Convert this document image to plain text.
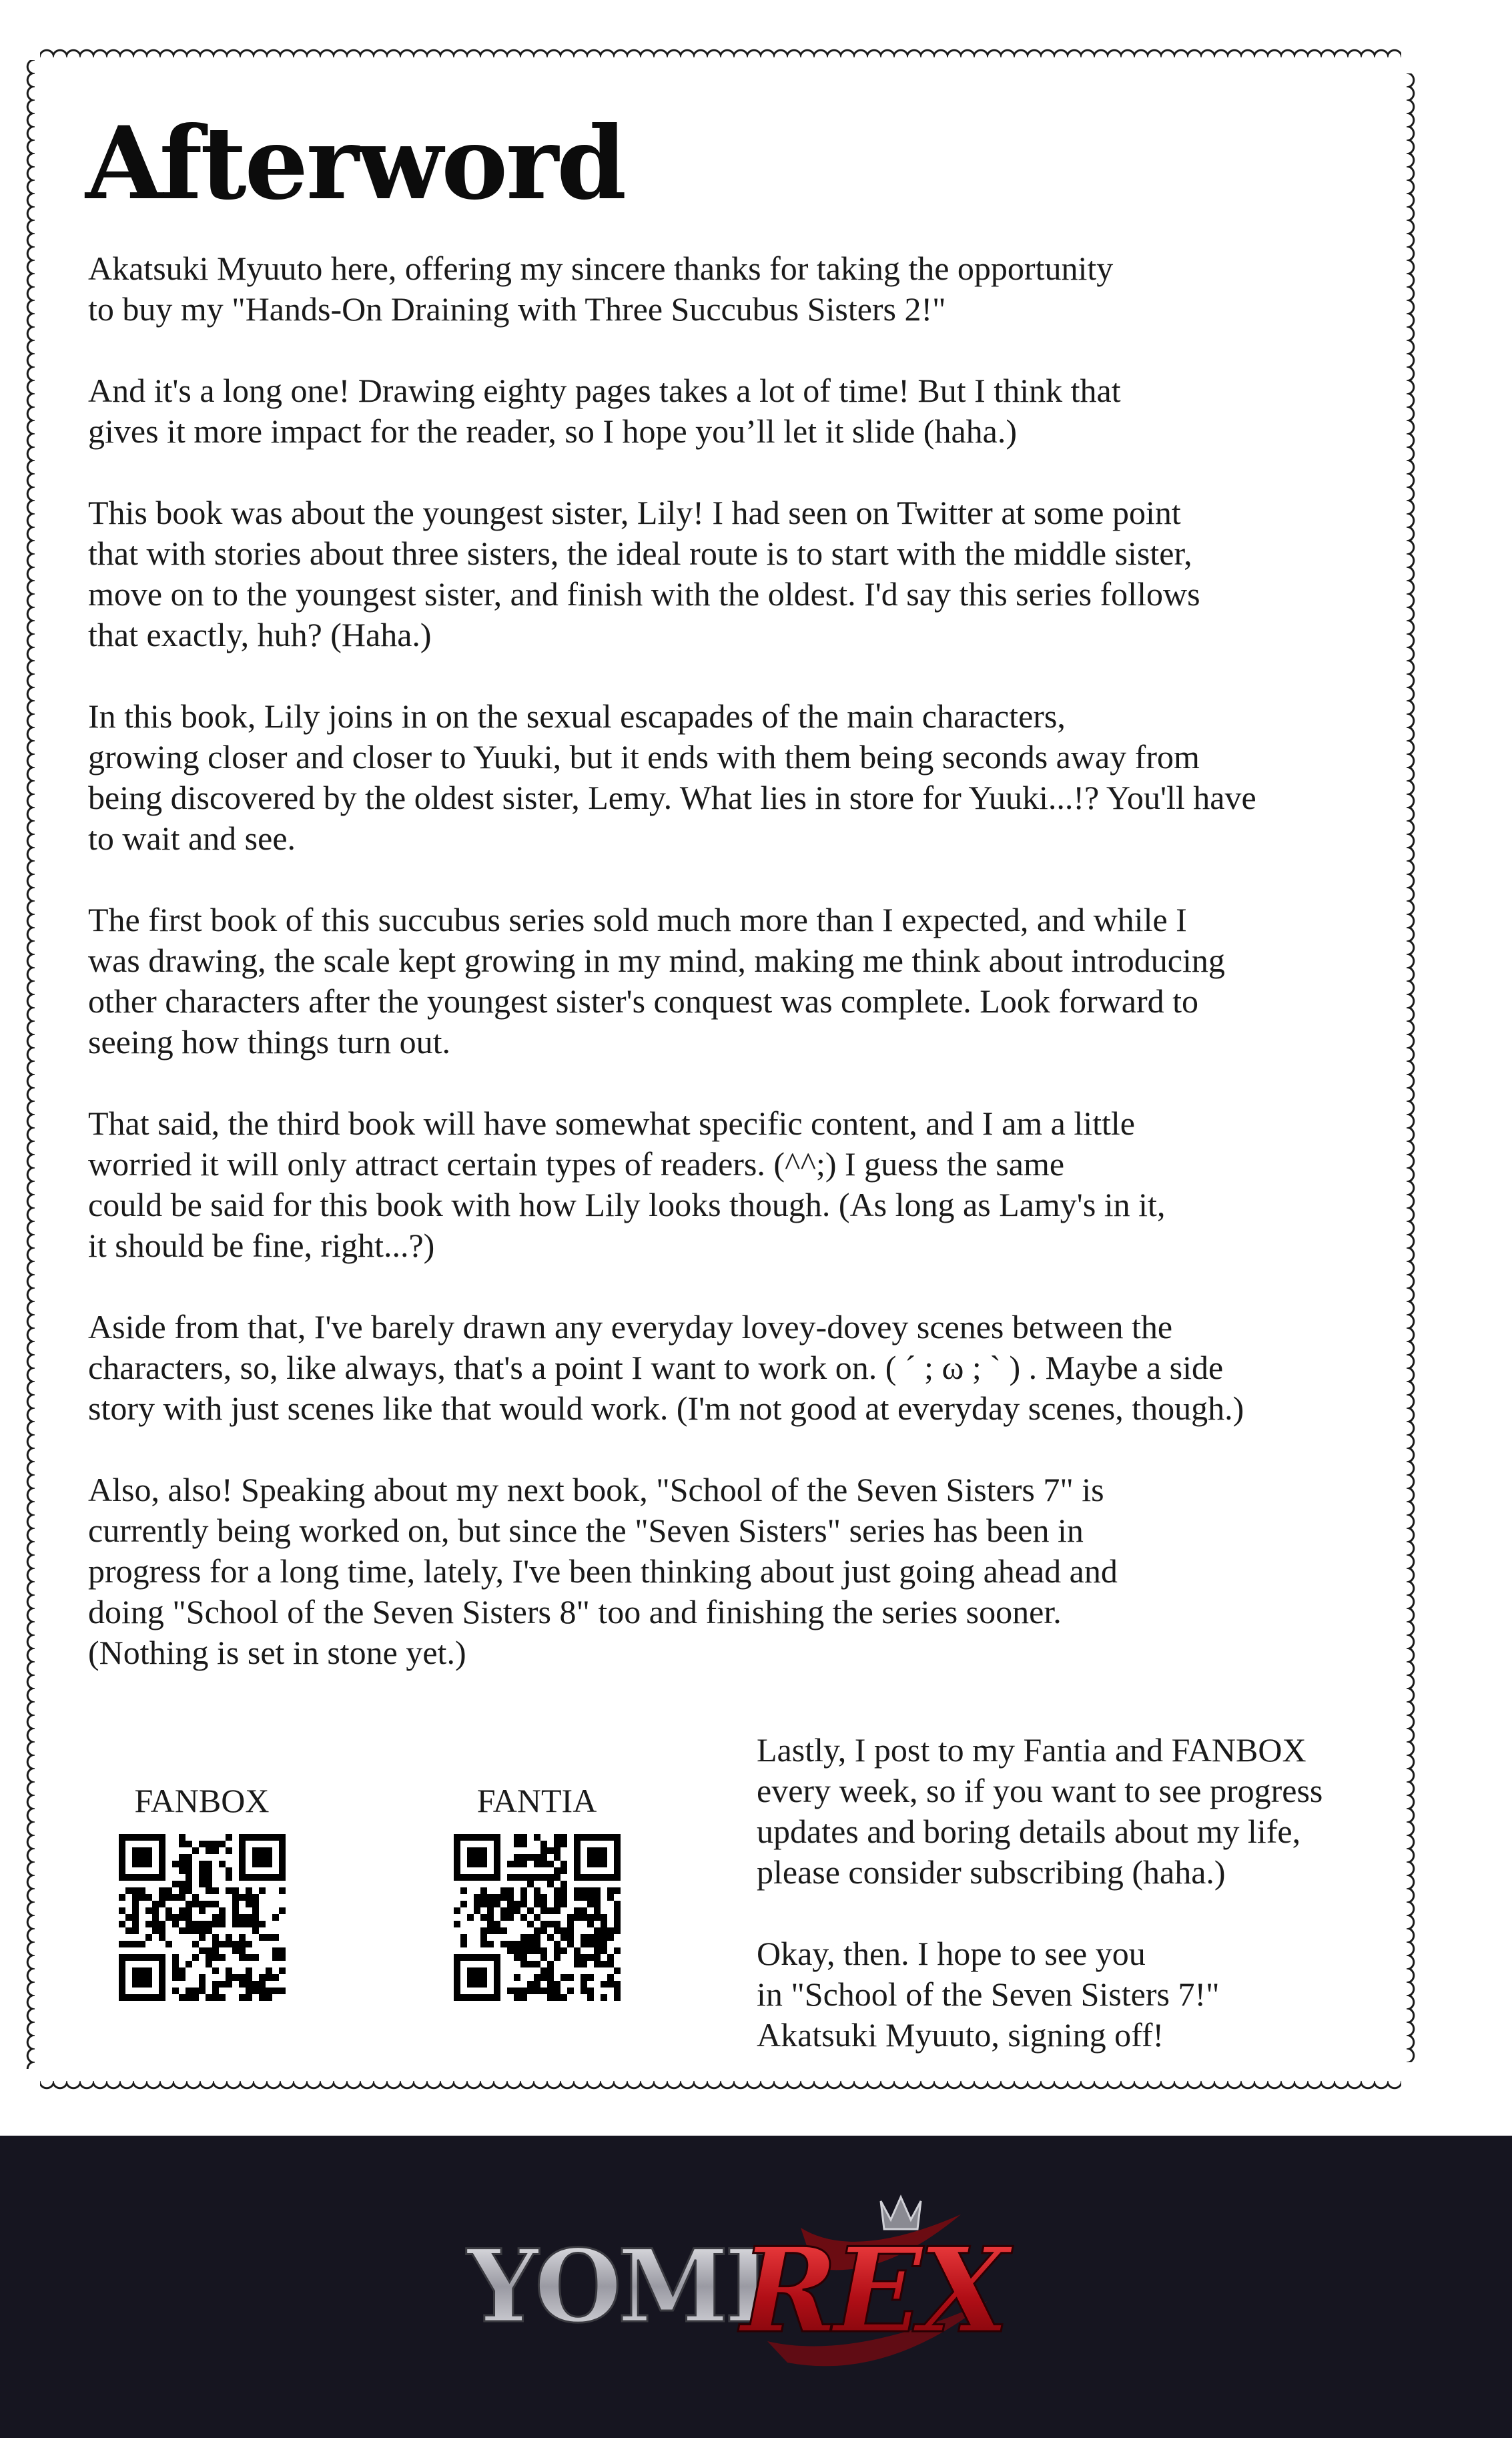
Afterword

Akatsuki Myuuto here, offering my sincere thanks for taking the opportunity
to buy my "Hands-On Draining with Three Succubus Sisters 2!"

And it's a long one! Drawing eighty pages takes a lot of time! But I think that
gives it more impact for the reader, so I hope you’ll let it slide (haha.)

This book was about the youngest sister, Lily! I had seen on Twitter at some point
that with stories about three sisters, the ideal route is to start with the middle sister,
move on to the youngest sister, and finish with the oldest. I'd say this series follows
that exactly, huh? (Haha.)

In this book, Lily joins in on the sexual escapades of the main characters,
growing closer and closer to Yuuki, but it ends with them being seconds away from
being discovered by the oldest sister, Lemy. What lies in store for Yuuki...!? You'll have
to wait and see.

The first book of this succubus series sold much more than I expected, and while I
was drawing, the scale kept growing in my mind, making me think about introducing
other characters after the youngest sister's conquest was complete. Look forward to
seeing how things turn out.

That said, the third book will have somewhat specific content, and I am a little
worried it will only attract certain types of readers. (^^;) I guess the same
could be said for this book with how Lily looks though. (As long as Lamy's in it,
it should be fine, right...?)

Aside from that, I've barely drawn any everyday lovey-dovey scenes between the
characters, so, like always, that's a point I want to work on. ( ´ ; ω ; ` ) . Maybe a side
story with just scenes like that would work. (I'm not good at everyday scenes, though.)

Also, also! Speaking about my next book, "School of the Seven Sisters 7" is
currently being worked on, but since the "Seven Sisters" series has been in
progress for a long time, lately, I've been thinking about just going ahead and
doing "School of the Seven Sisters 8" too and finishing the series sooner.
(Nothing is set in stone yet.)

FANBOX	FANTIA

Lastly, I post to my Fantia and FANBOX
every week, so if you want to see progress
updates and boring details about my life,
please consider subscribing (haha.)

Okay, then. I hope to see you
in "School of the Seven Sisters 7!"
Akatsuki Myuuto, signing off!

YOMI
REX
